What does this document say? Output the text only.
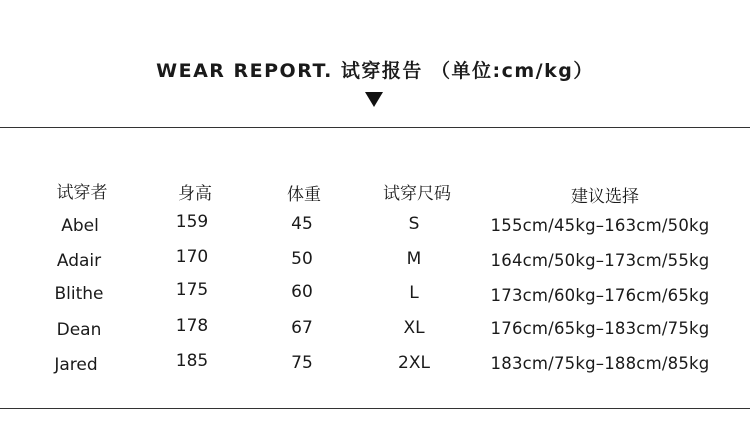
WEAR REPORT. 试穿报告 （单位:cm/kg）
试穿者	身高	体重	试穿尺码	建议选择
Abel	159	45	S	155cm/45kg–163cm/50kg
Adair	170	50	M	164cm/50kg–173cm/55kg
Blithe	175	60	L	173cm/60kg–176cm/65kg
Dean	178	67	XL	176cm/65kg–183cm/75kg
Jared	185	75	2XL	183cm/75kg–188cm/85kg
